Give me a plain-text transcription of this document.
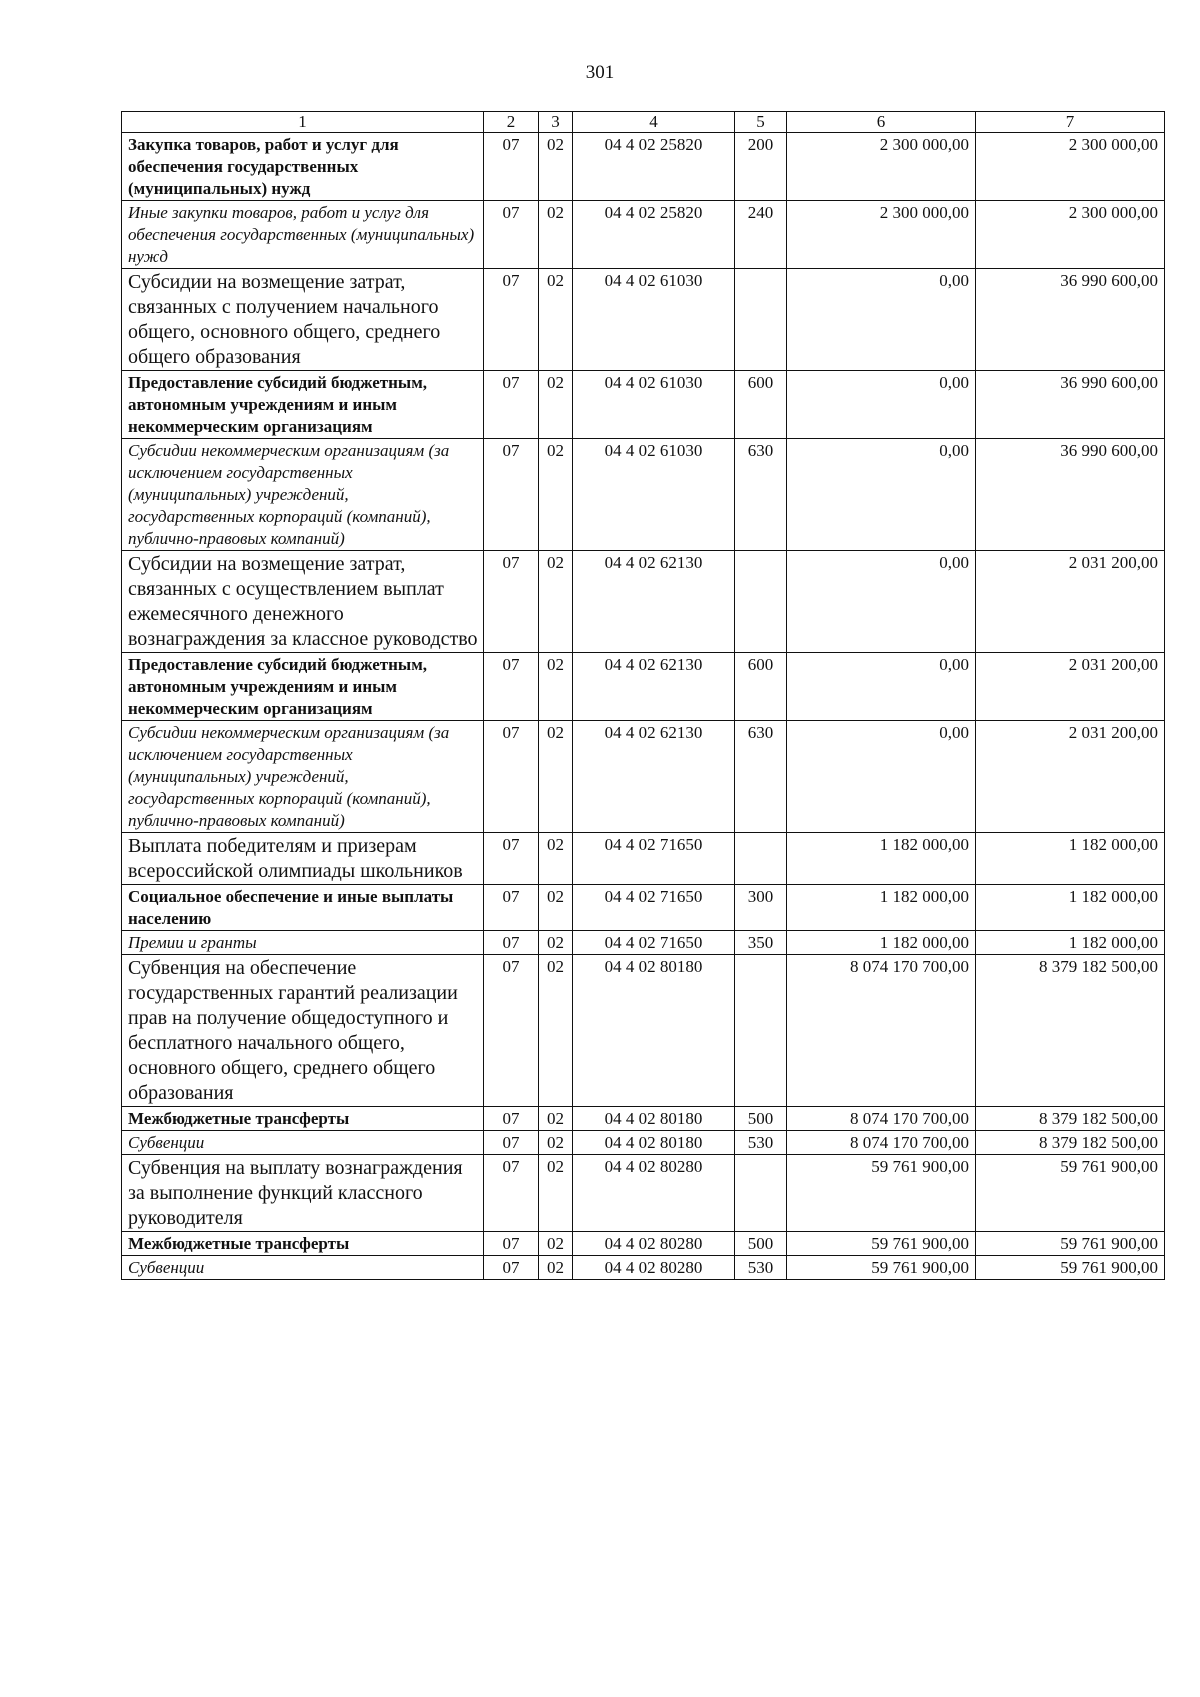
301
1	2	3	4	5	6	7
Закупка товаров, работ и услуг для обеспечения государственных (муниципальных) нужд	07	02	04 4 02 25820	200	2 300 000,00	2 300 000,00
Иные закупки товаров, работ и услуг для обеспечения государственных (муниципальных) нужд	07	02	04 4 02 25820	240	2 300 000,00	2 300 000,00
Субсидии на возмещение затрат, связанных с получением начального общего, основного общего, среднего общего образования	07	02	04 4 02 61030		0,00	36 990 600,00
Предоставление субсидий бюджетным, автономным учреждениям и иным некоммерческим организациям	07	02	04 4 02 61030	600	0,00	36 990 600,00
Субсидии некоммерческим организациям (за исключением государственных (муниципальных) учреждений, государственных корпораций (компаний), публично-правовых компаний)	07	02	04 4 02 61030	630	0,00	36 990 600,00
Субсидии на возмещение затрат, связанных с осуществлением выплат ежемесячного денежного вознаграждения за классное руководство	07	02	04 4 02 62130		0,00	2 031 200,00
Предоставление субсидий бюджетным, автономным учреждениям и иным некоммерческим организациям	07	02	04 4 02 62130	600	0,00	2 031 200,00
Субсидии некоммерческим организациям (за исключением государственных (муниципальных) учреждений, государственных корпораций (компаний), публично-правовых компаний)	07	02	04 4 02 62130	630	0,00	2 031 200,00
Выплата победителям и призерам всероссийской олимпиады школьников	07	02	04 4 02 71650		1 182 000,00	1 182 000,00
Социальное обеспечение и иные выплаты населению	07	02	04 4 02 71650	300	1 182 000,00	1 182 000,00
Премии и гранты	07	02	04 4 02 71650	350	1 182 000,00	1 182 000,00
Субвенция на обеспечение государственных гарантий реализации прав на получение общедоступного и бесплатного начального общего, основного общего, среднего общего образования	07	02	04 4 02 80180		8 074 170 700,00	8 379 182 500,00
Межбюджетные трансферты	07	02	04 4 02 80180	500	8 074 170 700,00	8 379 182 500,00
Субвенции	07	02	04 4 02 80180	530	8 074 170 700,00	8 379 182 500,00
Субвенция на выплату вознаграждения за выполнение функций классного руководителя	07	02	04 4 02 80280		59 761 900,00	59 761 900,00
Межбюджетные трансферты	07	02	04 4 02 80280	500	59 761 900,00	59 761 900,00
Субвенции	07	02	04 4 02 80280	530	59 761 900,00	59 761 900,00
